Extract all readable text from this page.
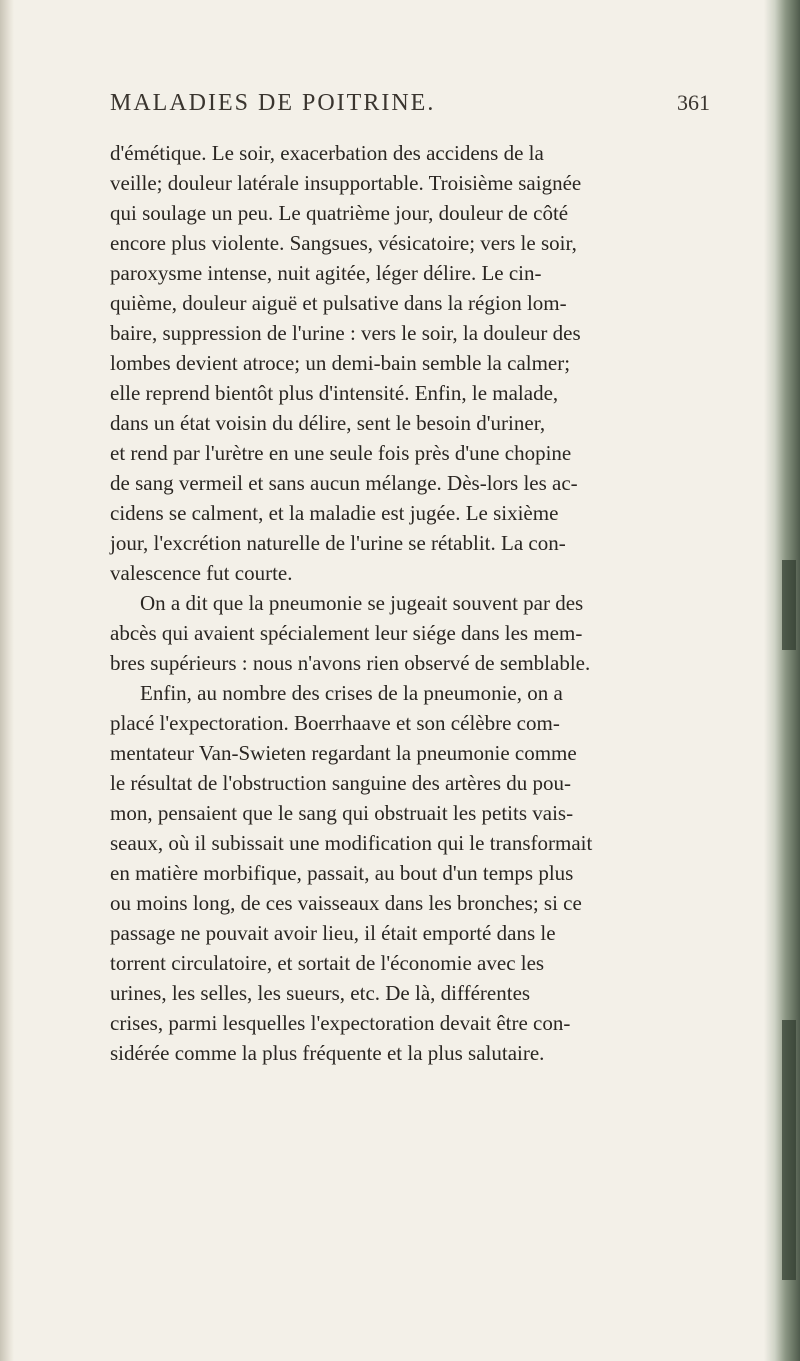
MALADIES DE POITRINE.	361
d'émétique. Le soir, exacerbation des accidens de la
veille; douleur latérale insupportable. Troisième saignée
qui soulage un peu. Le quatrième jour, douleur de côté
encore plus violente. Sangsues, vésicatoire; vers le soir,
paroxysme intense, nuit agitée, léger délire. Le cin-
quième, douleur aiguë et pulsative dans la région lom-
baire, suppression de l'urine : vers le soir, la douleur des
lombes devient atroce; un demi-bain semble la calmer;
elle reprend bientôt plus d'intensité. Enfin, le malade,
dans un état voisin du délire, sent le besoin d'uriner,
et rend par l'urètre en une seule fois près d'une chopine
de sang vermeil et sans aucun mélange. Dès-lors les ac-
cidens se calment, et la maladie est jugée. Le sixième
jour, l'excrétion naturelle de l'urine se rétablit. La con-
valescence fut courte.
On a dit que la pneumonie se jugeait souvent par des
abcès qui avaient spécialement leur siége dans les mem-
bres supérieurs : nous n'avons rien observé de semblable.
Enfin, au nombre des crises de la pneumonie, on a
placé l'expectoration. Boerrhaave et son célèbre com-
mentateur Van-Swieten regardant la pneumonie comme
le résultat de l'obstruction sanguine des artères du pou-
mon, pensaient que le sang qui obstruait les petits vais-
seaux, où il subissait une modification qui le transformait
en matière morbifique, passait, au bout d'un temps plus
ou moins long, de ces vaisseaux dans les bronches; si ce
passage ne pouvait avoir lieu, il était emporté dans le
torrent circulatoire, et sortait de l'économie avec les
urines, les selles, les sueurs, etc. De là, différentes
crises, parmi lesquelles l'expectoration devait être con-
sidérée comme la plus fréquente et la plus salutaire.
